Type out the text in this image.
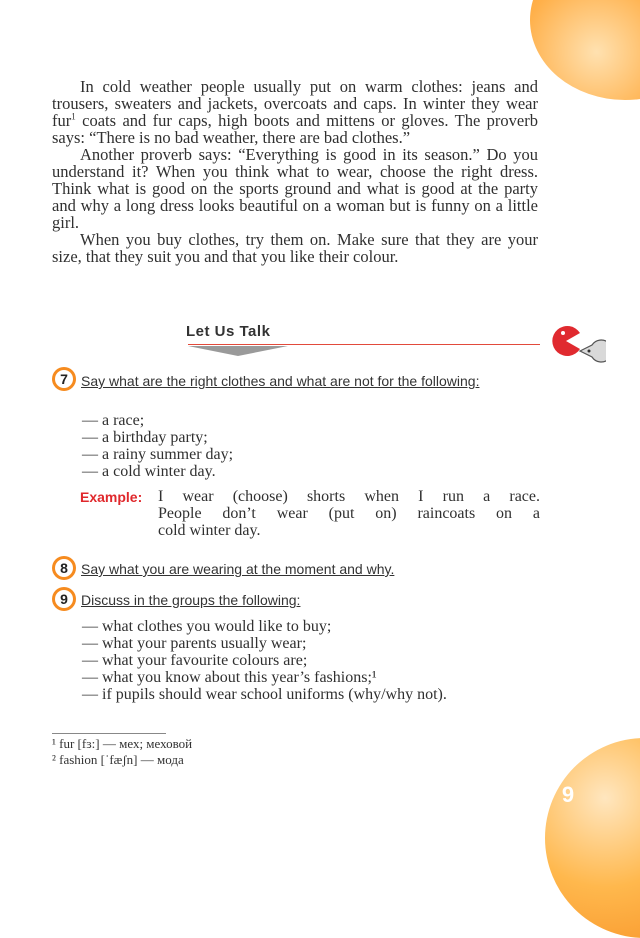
9

In cold weather people usually put on warm clothes: jeans and trousers, sweaters and jackets, overcoats and caps. In winter they wear fur$^1$ coats and fur caps, high boots and mittens or gloves. The proverb says: “There is no bad weather, there are bad clothes.”

Another proverb says: “Everything is good in its season.” Do you understand it? When you think what to wear, choose the right dress. Think what is good on the sports ground and what is good at the party and why a long dress looks beautiful on a woman but is funny on a little girl.

When you buy clothes, try them on. Make sure that they are your size, that they suit you and that you like their colour.

Let Us Talk
7 Say what are the right clothes and what are not for the following:
— a race;
— a birthday party;
— a rainy summer day;
— a cold winter day.
Example: I wear (choose) shorts when I run a race.
People don’t wear (put on) raincoats on a
cold winter day.
8 Say what you are wearing at the moment and why.
9 Discuss in the groups the following:
— what clothes you would like to buy;
— what your parents usually wear;
— what your favourite colours are;
— what you know about this year’s fashions;¹
— if pupils should wear school uniforms (why/why not).
¹ fur [fɜ:] — мех; меховой
² fashion [ˈfæʃn] — мода
